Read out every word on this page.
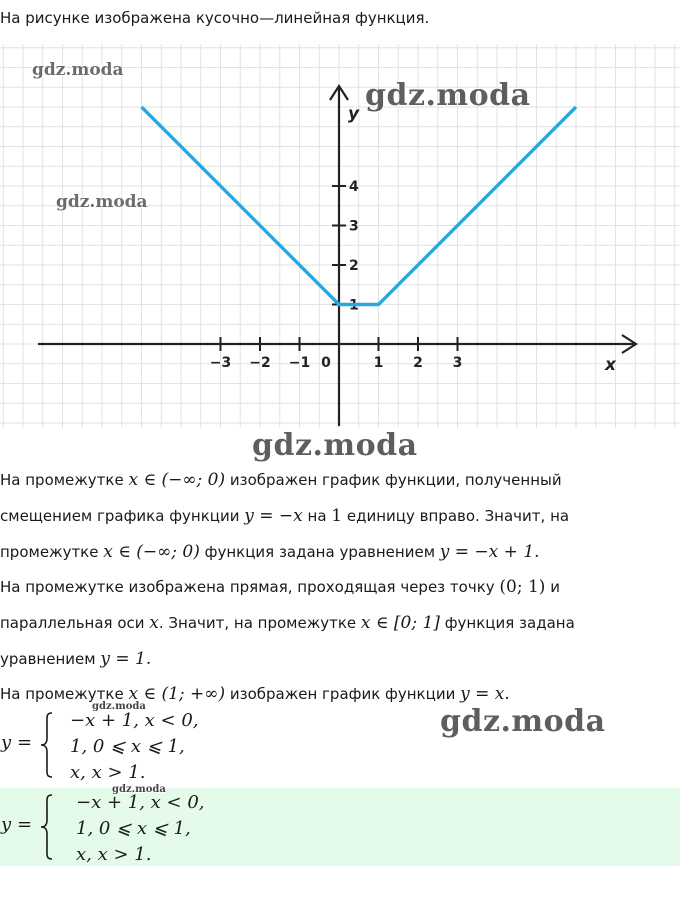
На рисунке изображена кусочно—линейная функция.
−3 −2 −1 0	1 2 3
1
2
3
4
x
y
На промежутке x ∈ (−∞; 0) изображен график функции, полученный
смещением графика функции y = −x на 1 единицу вправо. Значит, на
промежутке x ∈ (−∞; 0) функция задана уравнением y = −x + 1.
На промежутке изображена прямая, проходящая через точку (0; 1) и
параллельная оси x. Значит, на промежутке x ∈ [0; 1] функция задана
уравнением y = 1.
На промежутке x ∈ (1; +∞) изображен график функции y = x.
y =
−x + 1, x < 0,
1, 0 ⩽ x ⩽ 1,
x, x > 1.
y =
−x + 1, x < 0,
1, 0 ⩽ x ⩽ 1,
x, x > 1.
gdz.moda
gdz.moda
gdz.moda
gdz.moda
gdz.moda
gdz.moda
gdz.moda
